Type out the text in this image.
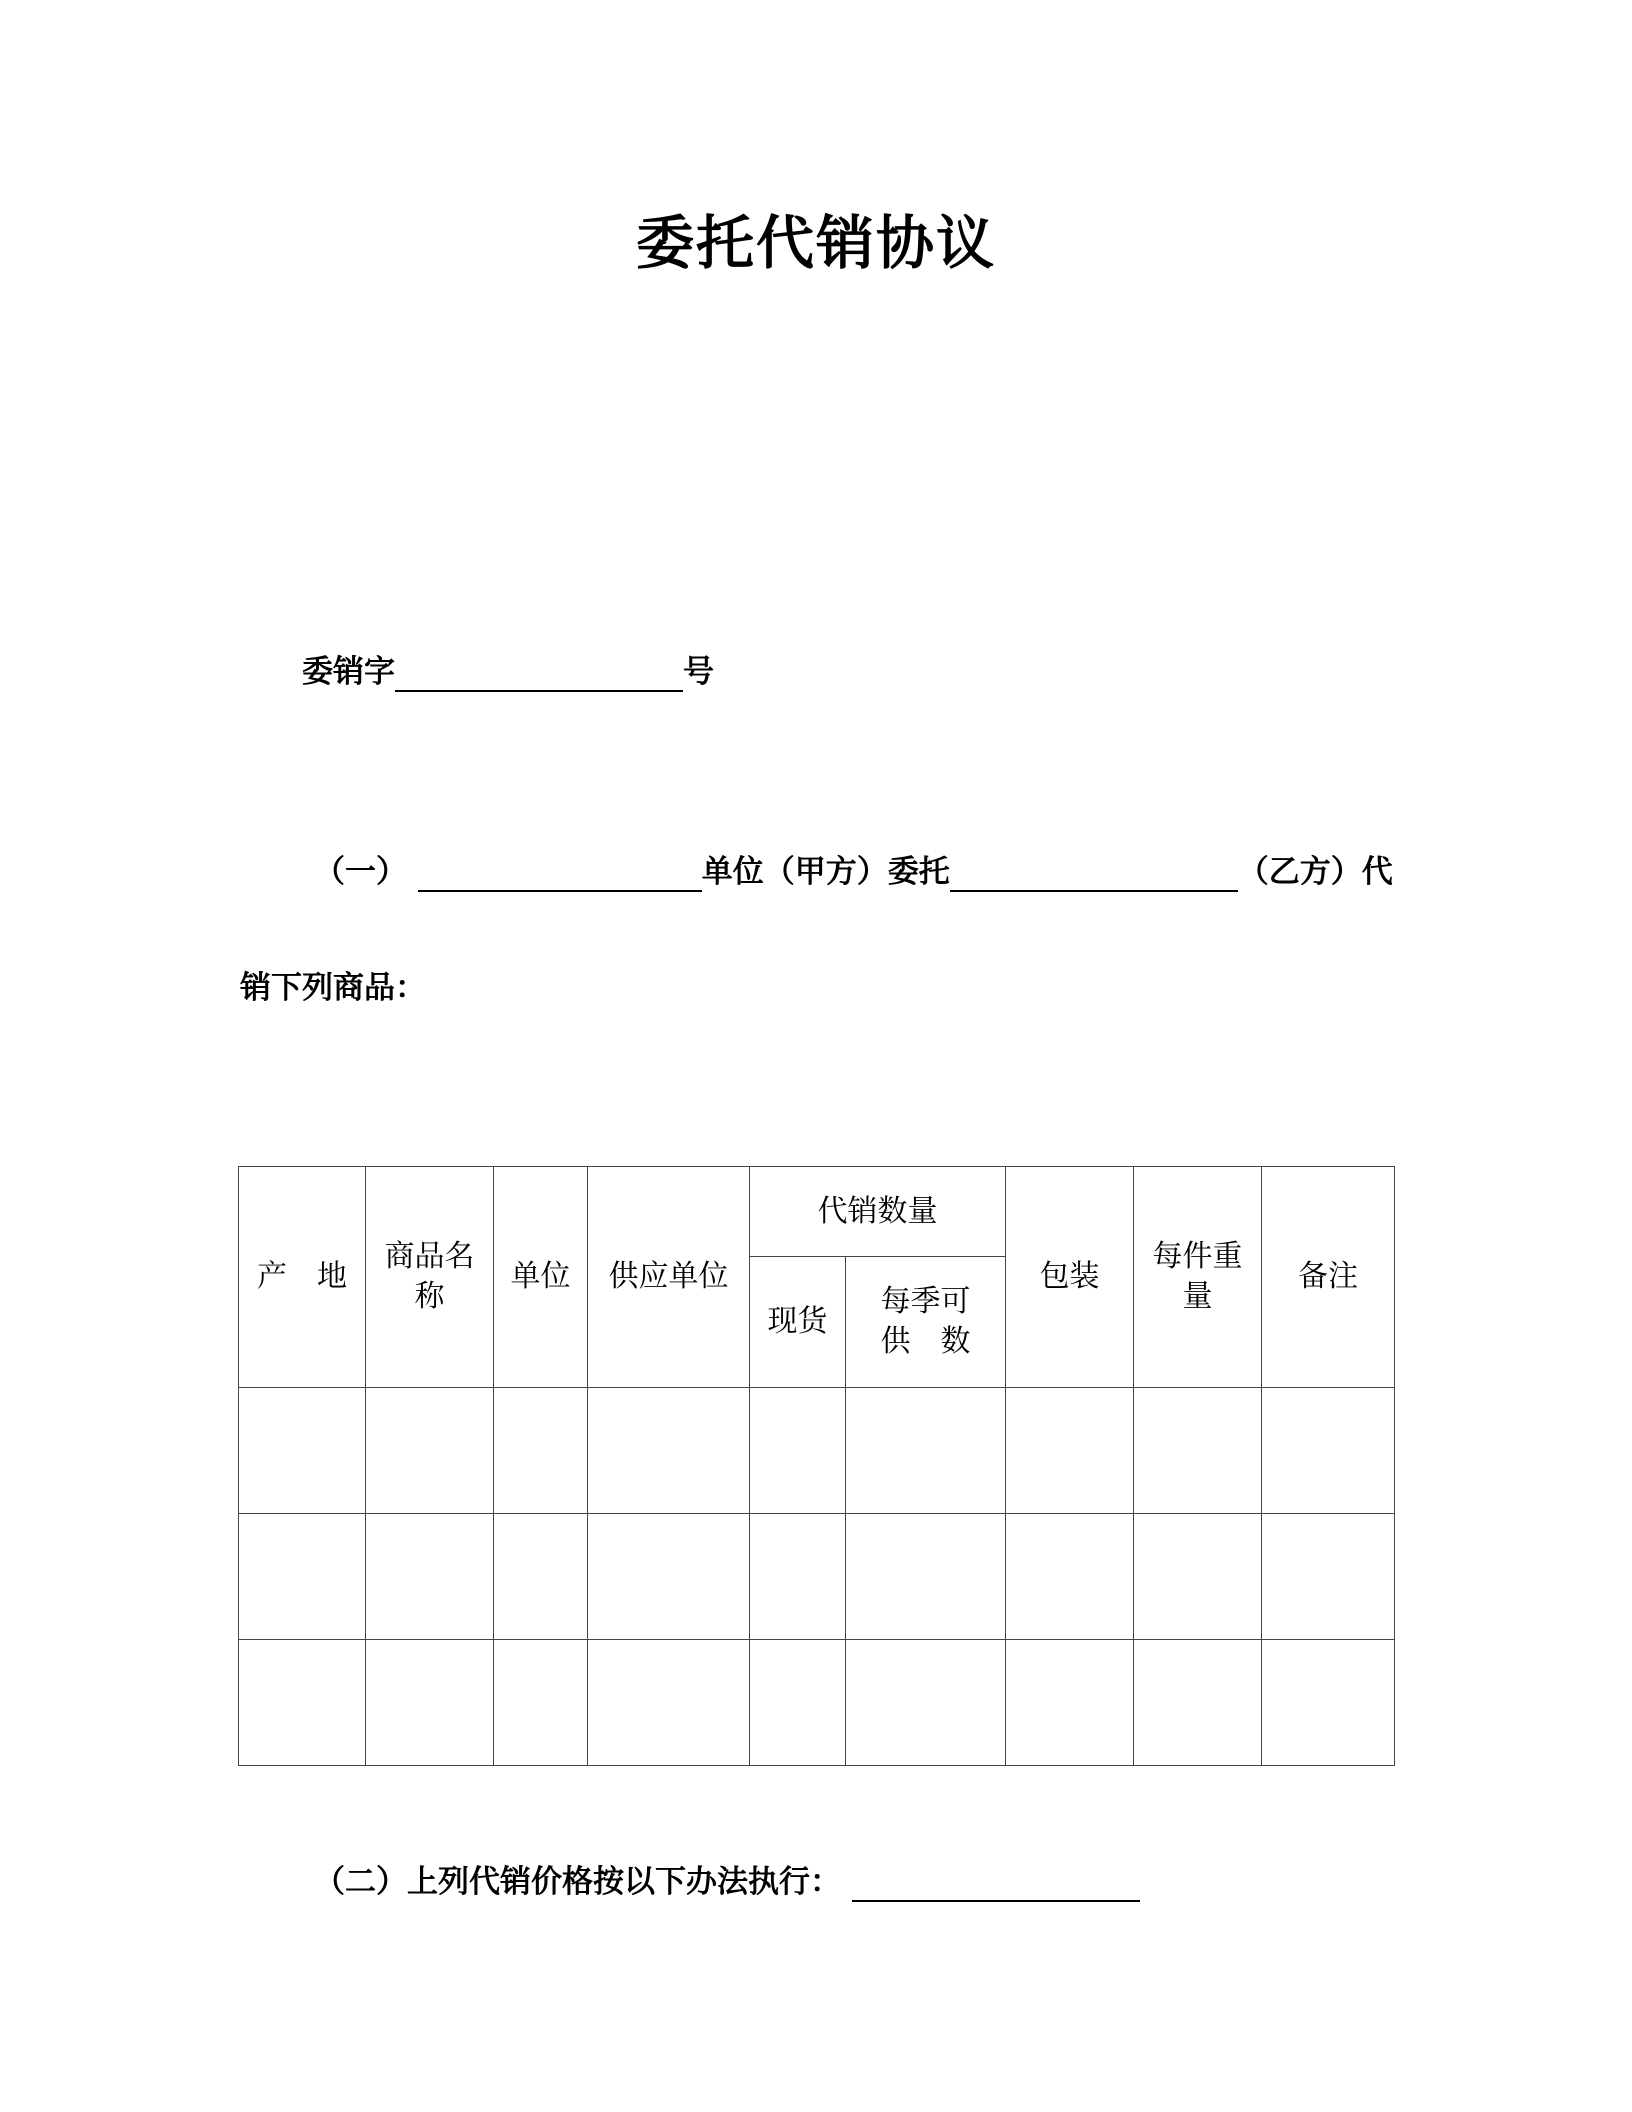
委托代销协议
委销字	号
（一）	单位（甲方）委托	（乙方）代
销下列商品：
产　地	商品名称	单位	供应单位	代销数量		包装	每件重量	备注
				现货	每季可供　数			

（二）上列代销价格按以下办法执行：
